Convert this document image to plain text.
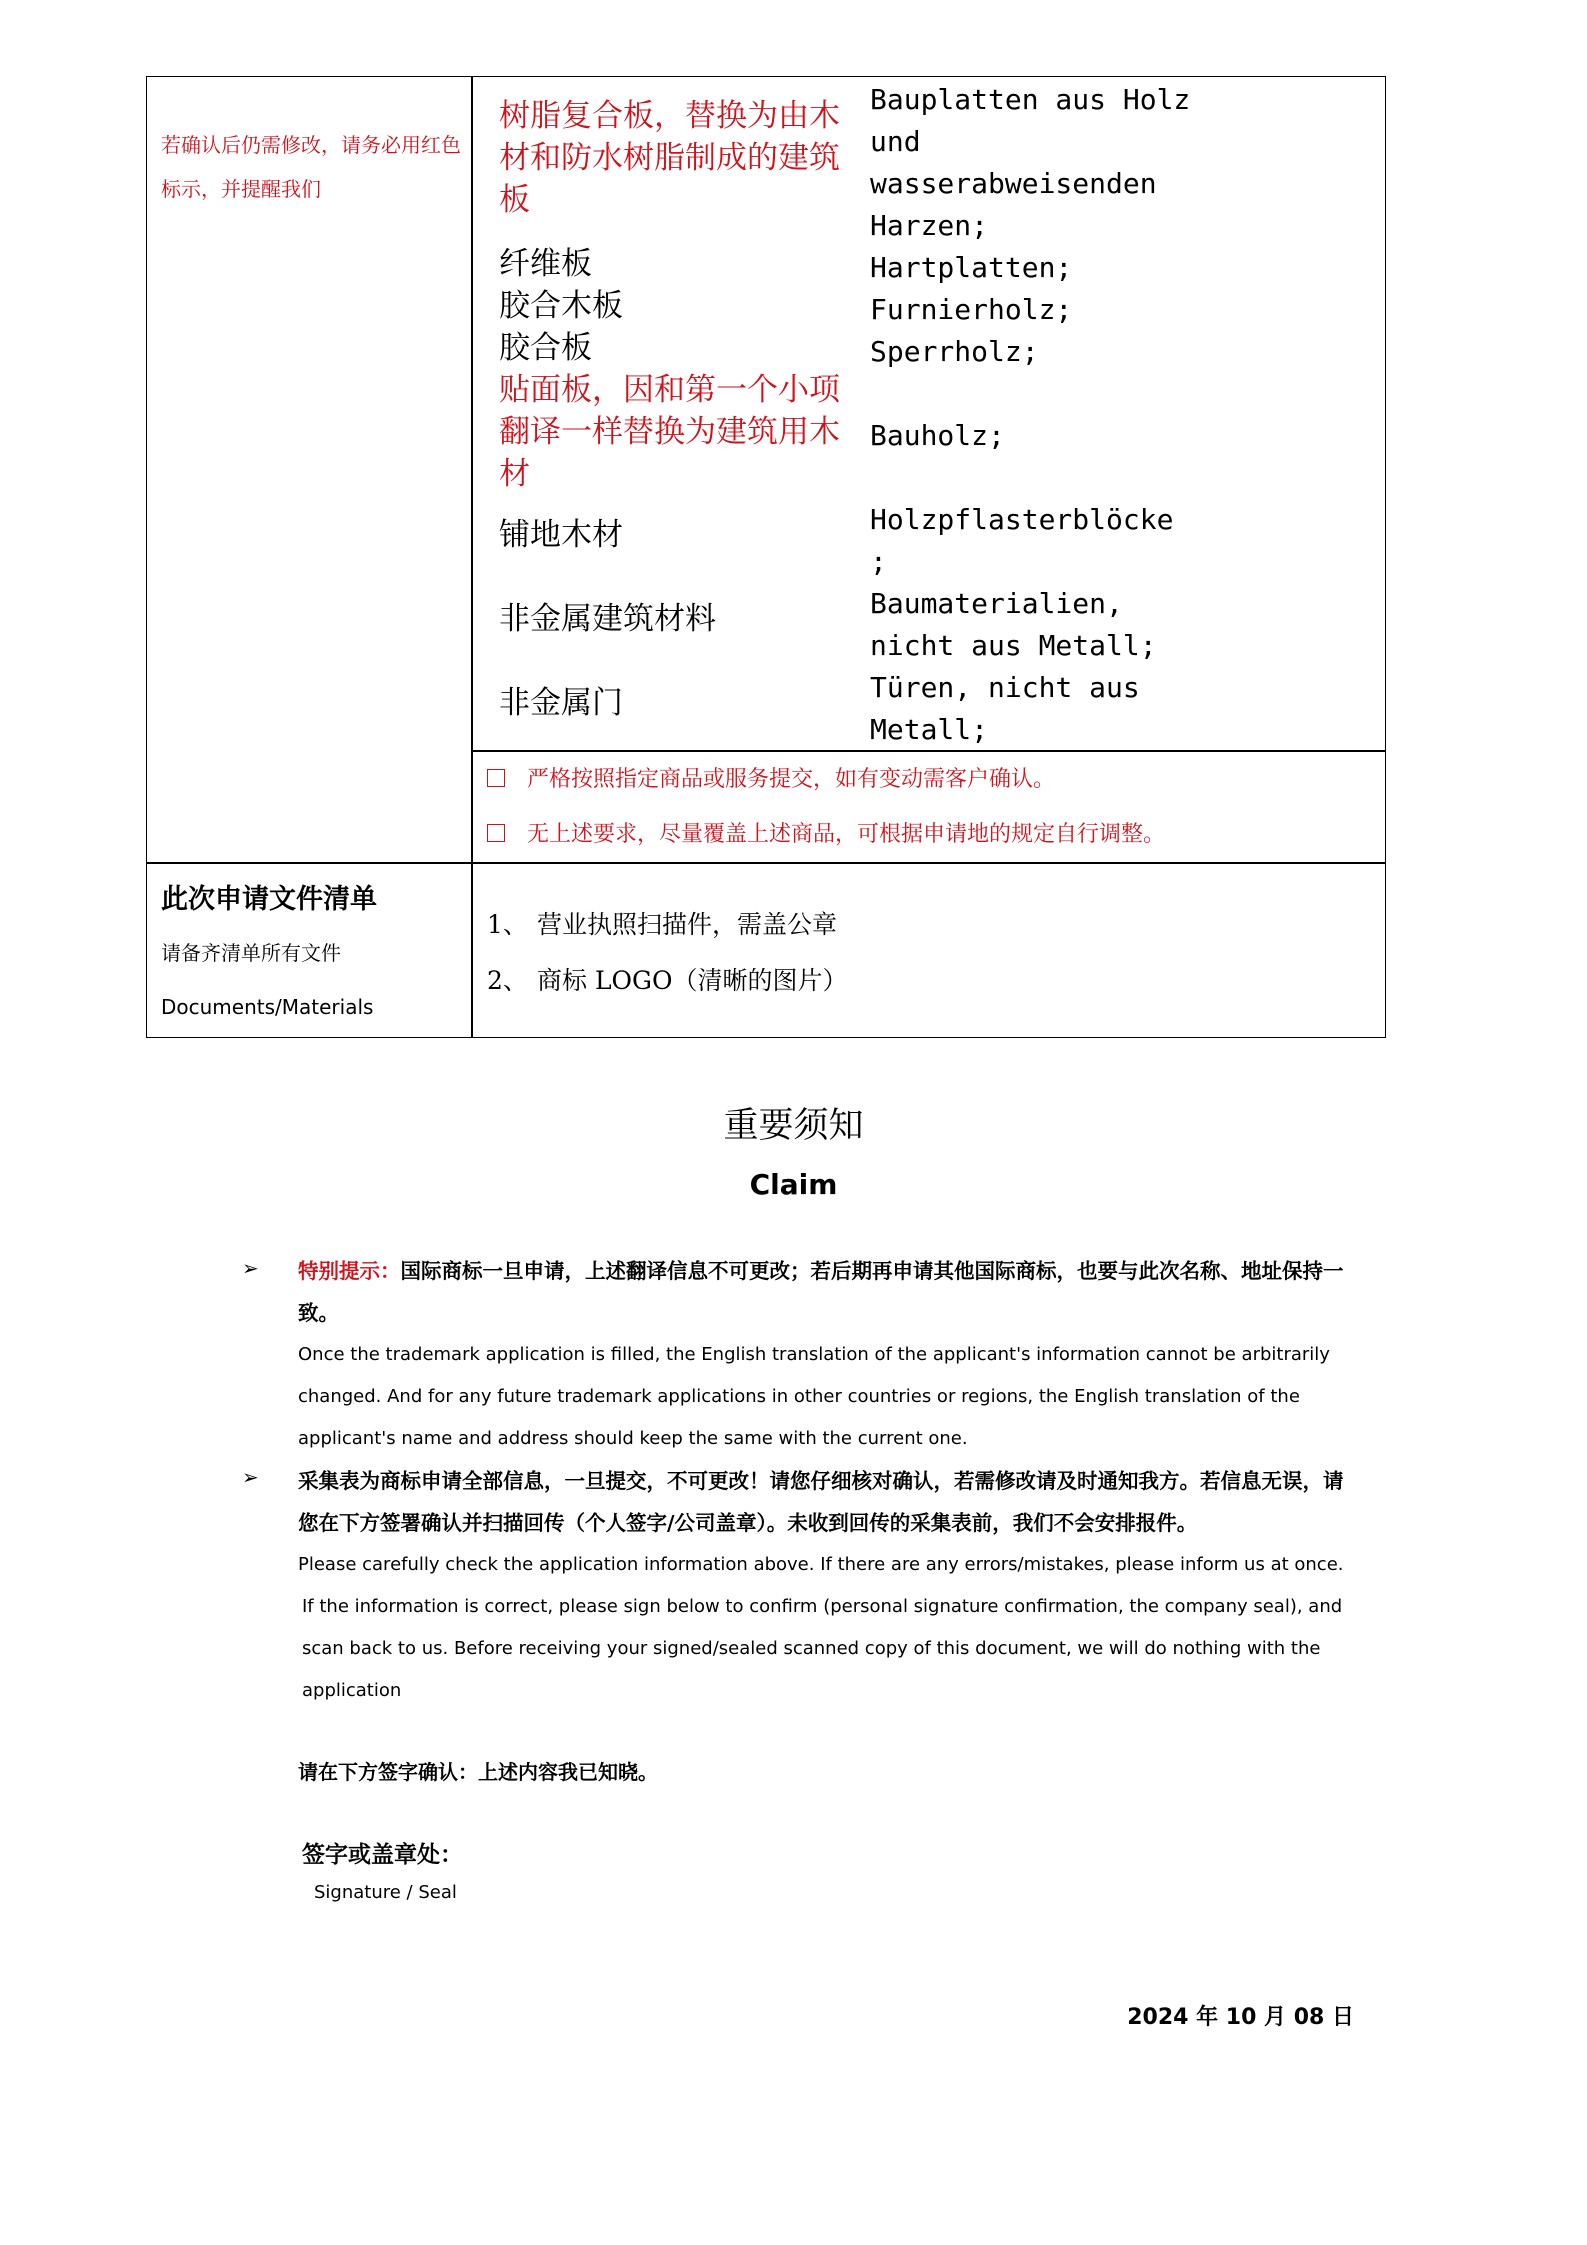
若确认后仍需修改，请务必用红色标示，并提醒我们
树脂复合板，替换为由木材和防水树脂制成的建筑板
纤维板
胶合木板
胶合板
贴面板，因和第一个小项翻译一样替换为建筑用木材
铺地木材
非金属建筑材料
非金属门
Bauplatten aus Holz
und
wasserabweisenden
Harzen;
Hartplatten;
Furnierholz;
Sperrholz;
Bauholz;
Holzpflasterblöcke
;
Baumaterialien,
nicht aus Metall;
Türen, nicht aus
Metall;
严格按照指定商品或服务提交，如有变动需客户确认。
无上述要求，尽量覆盖上述商品，可根据申请地的规定自行调整。
此次申请文件清单
请备齐清单所有文件
Documents/Materials
1、 营业执照扫描件，需盖公章
2、 商标 LOGO（清晰的图片）
重要须知
Claim
➢ 特别提示：国际商标一旦申请，上述翻译信息不可更改；若后期再申请其他国际商标，也要与此次名称、地址保持一致。
Once the trademark application is filled, the English translation of the applicant's information cannot be arbitrarily changed. And for any future trademark applications in other countries or regions, the English translation of the applicant's name and address should keep the same with the current one.
➢ 采集表为商标申请全部信息，一旦提交，不可更改！请您仔细核对确认，若需修改请及时通知我方。若信息无误，请您在下方签署确认并扫描回传（个人签字/公司盖章）。未收到回传的采集表前，我们不会安排报件。
Please carefully check the application information above. If there are any errors/mistakes, please inform us at once.
If the information is correct, please sign below to confirm (personal signature confirmation, the company seal), and scan back to us. Before receiving your signed/sealed scanned copy of this document, we will do nothing with the application
请在下方签字确认：上述内容我已知晓。
签字或盖章处：
Signature / Seal
2024 年 10 月 08 日
